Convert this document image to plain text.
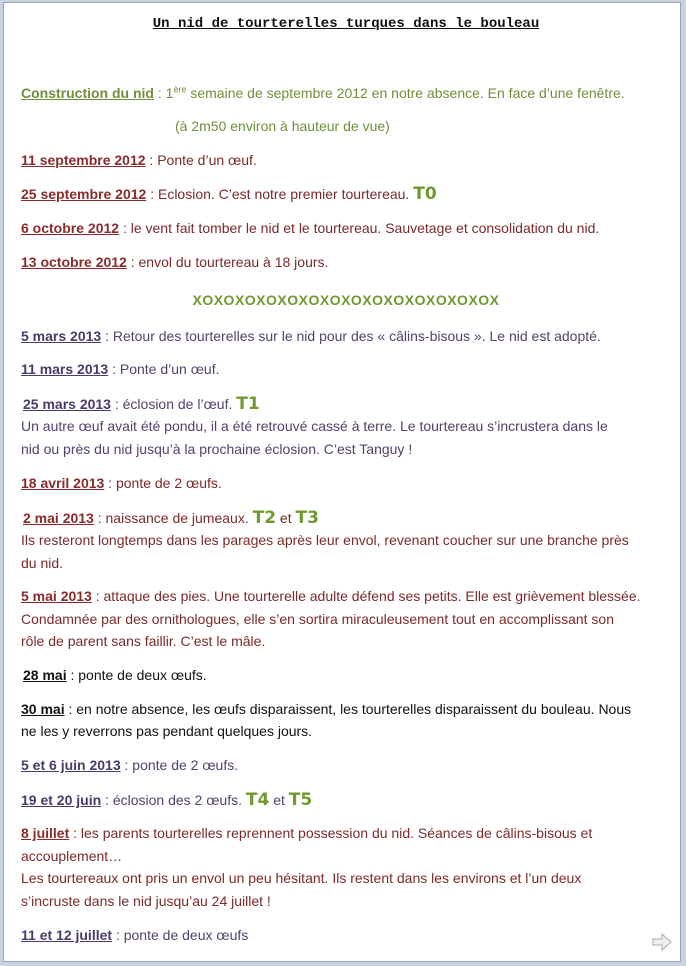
Un nid de tourterelles turques dans le bouleau
Construction du nid : 1ère semaine de septembre 2012 en notre absence. En face d’une fenêtre.
(à 2m50 environ à hauteur de vue)
11 septembre 2012 : Ponte d’un œuf.
25 septembre 2012 : Eclosion. C’est notre premier tourtereau. T0
6 octobre 2012 : le vent fait tomber le nid et le tourtereau. Sauvetage et consolidation du nid.
13 octobre 2012 : envol du tourtereau à 18 jours.
XOXOXOXOXOXOXOXOXOXOXOXOXOXOX
5 mars 2013 : Retour des tourterelles sur le nid pour des « câlins-bisous ». Le nid est adopté.
11 mars 2013 : Ponte d’un œuf.
25 mars 2013 : éclosion de l’œuf. T1
Un autre œuf avait été pondu, il a été retrouvé cassé à terre. Le tourtereau s’incrustera dans le
nid ou près du nid jusqu’à la prochaine éclosion. C’est Tanguy !
18 avril 2013 : ponte de 2 œufs.
2 mai 2013 : naissance de jumeaux. T2 et T3
Ils resteront longtemps dans les parages après leur envol, revenant coucher sur une branche près
du nid.
5 mai 2013 : attaque des pies. Une tourterelle adulte défend ses petits. Elle est grièvement blessée.
Condamnée par des ornithologues, elle s’en sortira miraculeusement tout en accomplissant son
rôle de parent sans faillir. C’est le mâle.
28 mai : ponte de deux œufs.
30 mai : en notre absence, les œufs disparaissent, les tourterelles disparaissent du bouleau. Nous
ne les y reverrons pas pendant quelques jours.
5 et 6 juin 2013 : ponte de 2 œufs.
19 et 20 juin : éclosion des 2 œufs. T4 et T5
8 juillet : les parents tourterelles reprennent possession du nid. Séances de câlins-bisous et
accouplement…
Les tourtereaux ont pris un envol un peu hésitant. Ils restent dans les environs et l’un deux
s’incruste dans le nid jusqu’au 24 juillet !
11 et 12 juillet : ponte de deux œufs
